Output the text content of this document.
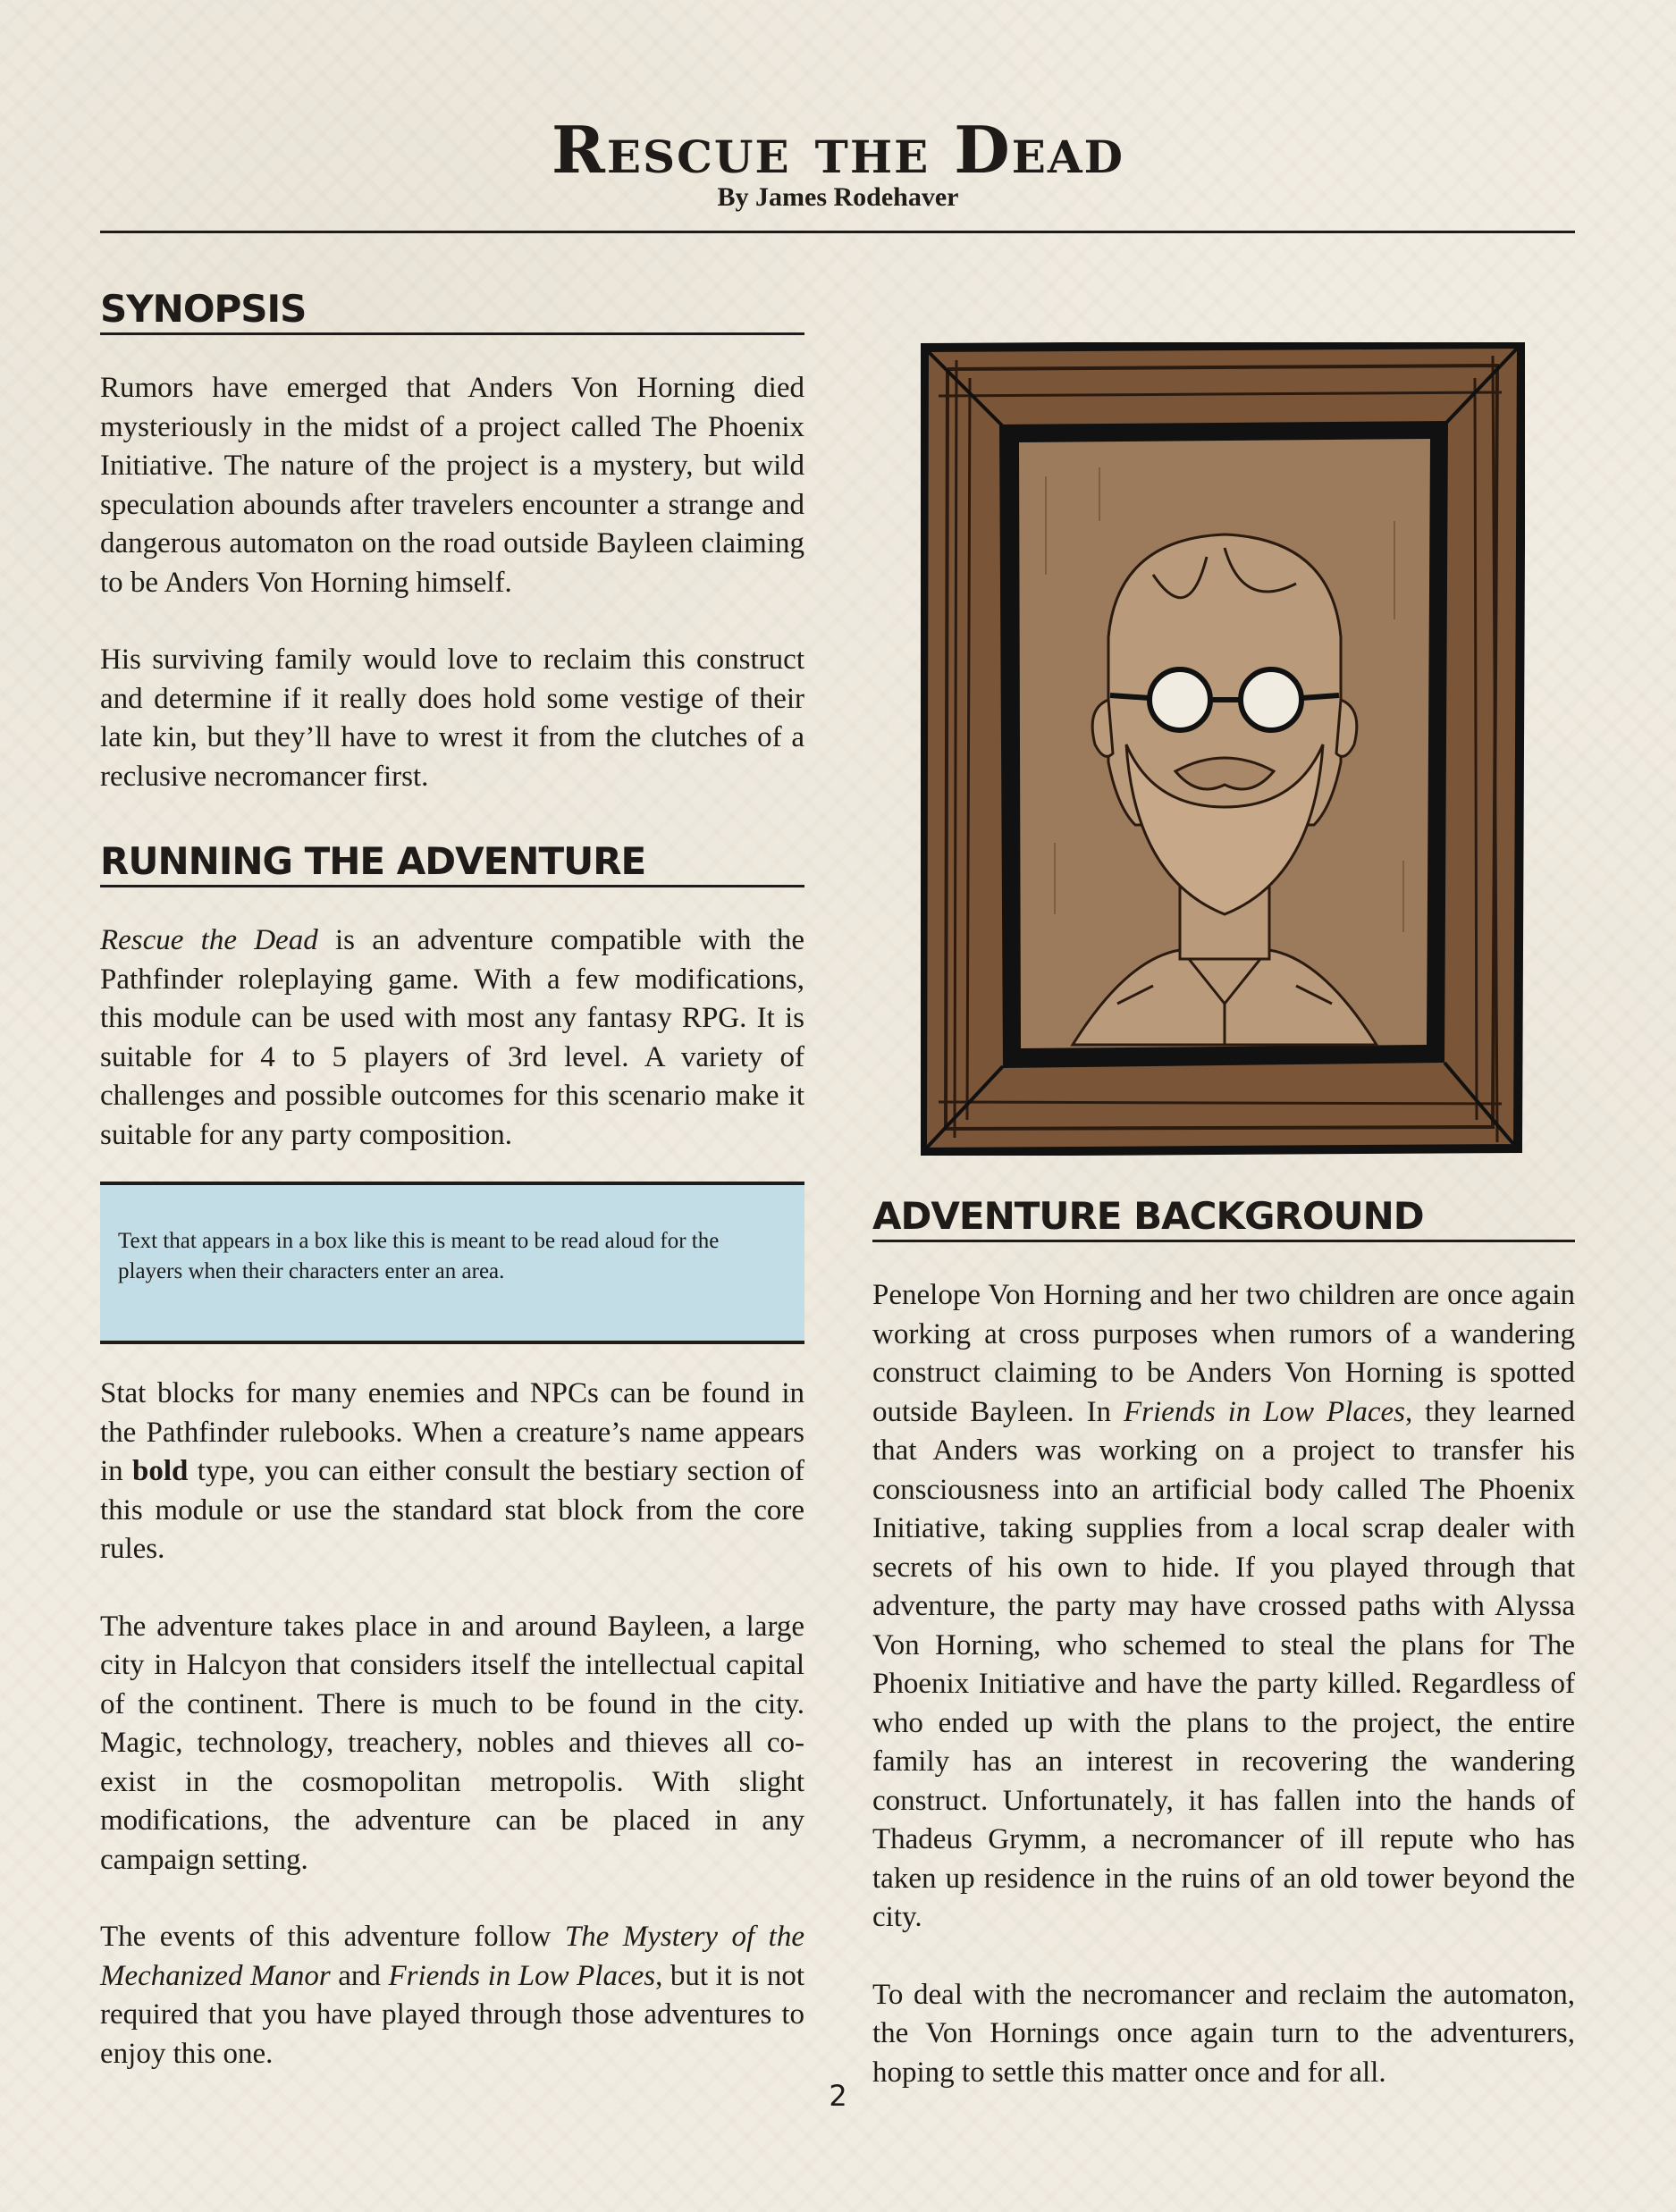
Rescue the Dead
By James Rodehaver
SYNOPSIS

Rumors have emerged that Anders Von Horning died mysteriously in the midst of a project called The Phoenix Initiative. The nature of the project is a mystery, but wild speculation abounds after travelers encounter a strange and dangerous automaton on the road outside Bayleen claiming to be Anders Von Horning himself.

His surviving family would love to reclaim this construct and determine if it really does hold some vestige of their late kin, but they’ll have to wrest it from the clutches of a reclusive necromancer first.

RUNNING THE ADVENTURE

Rescue the Dead is an adventure compatible with the Pathfinder roleplaying game. With a few modifications, this module can be used with most any fantasy RPG. It is suitable for 4 to 5 players of 3rd level. A variety of challenges and possible outcomes for this scenario make it suitable for any party composition.

Text that appears in a box like this is meant to be read aloud for the players when their characters enter an area.

Stat blocks for many enemies and NPCs can be found in the Pathfinder rulebooks. When a creature’s name appears in bold type, you can either consult the bestiary section of this module or use the standard stat block from the core rules.

The adventure takes place in and around Bayleen, a large city in Halcyon that considers itself the intellectual capital of the continent. There is much to be found in the city. Magic, technology, treachery, nobles and thieves all co-exist in the cosmopolitan metropolis. With slight modifications, the adventure can be placed in any campaign setting.

The events of this adventure follow The Mystery of the Mechanized Manor and Friends in Low Places, but it is not required that you have played through those adventures to enjoy this one.

ADVENTURE BACKGROUND

Penelope Von Horning and her two children are once again working at cross purposes when rumors of a wandering construct claiming to be Anders Von Horning is spotted outside Bayleen. In Friends in Low Places, they learned that Anders was working on a project to transfer his consciousness into an artificial body called The Phoenix Initiative, taking supplies from a local scrap dealer with secrets of his own to hide. If you played through that adventure, the party may have crossed paths with Alyssa Von Horning, who schemed to steal the plans for The Phoenix Initiative and have the party killed. Regardless of who ended up with the plans to the project, the entire family has an interest in recovering the wandering construct. Unfortunately, it has fallen into the hands of Thadeus Grymm, a necromancer of ill repute who has taken up residence in the ruins of an old tower beyond the city.

To deal with the necromancer and reclaim the automaton, the Von Hornings once again turn to the adventurers, hoping to settle this matter once and for all.

2
